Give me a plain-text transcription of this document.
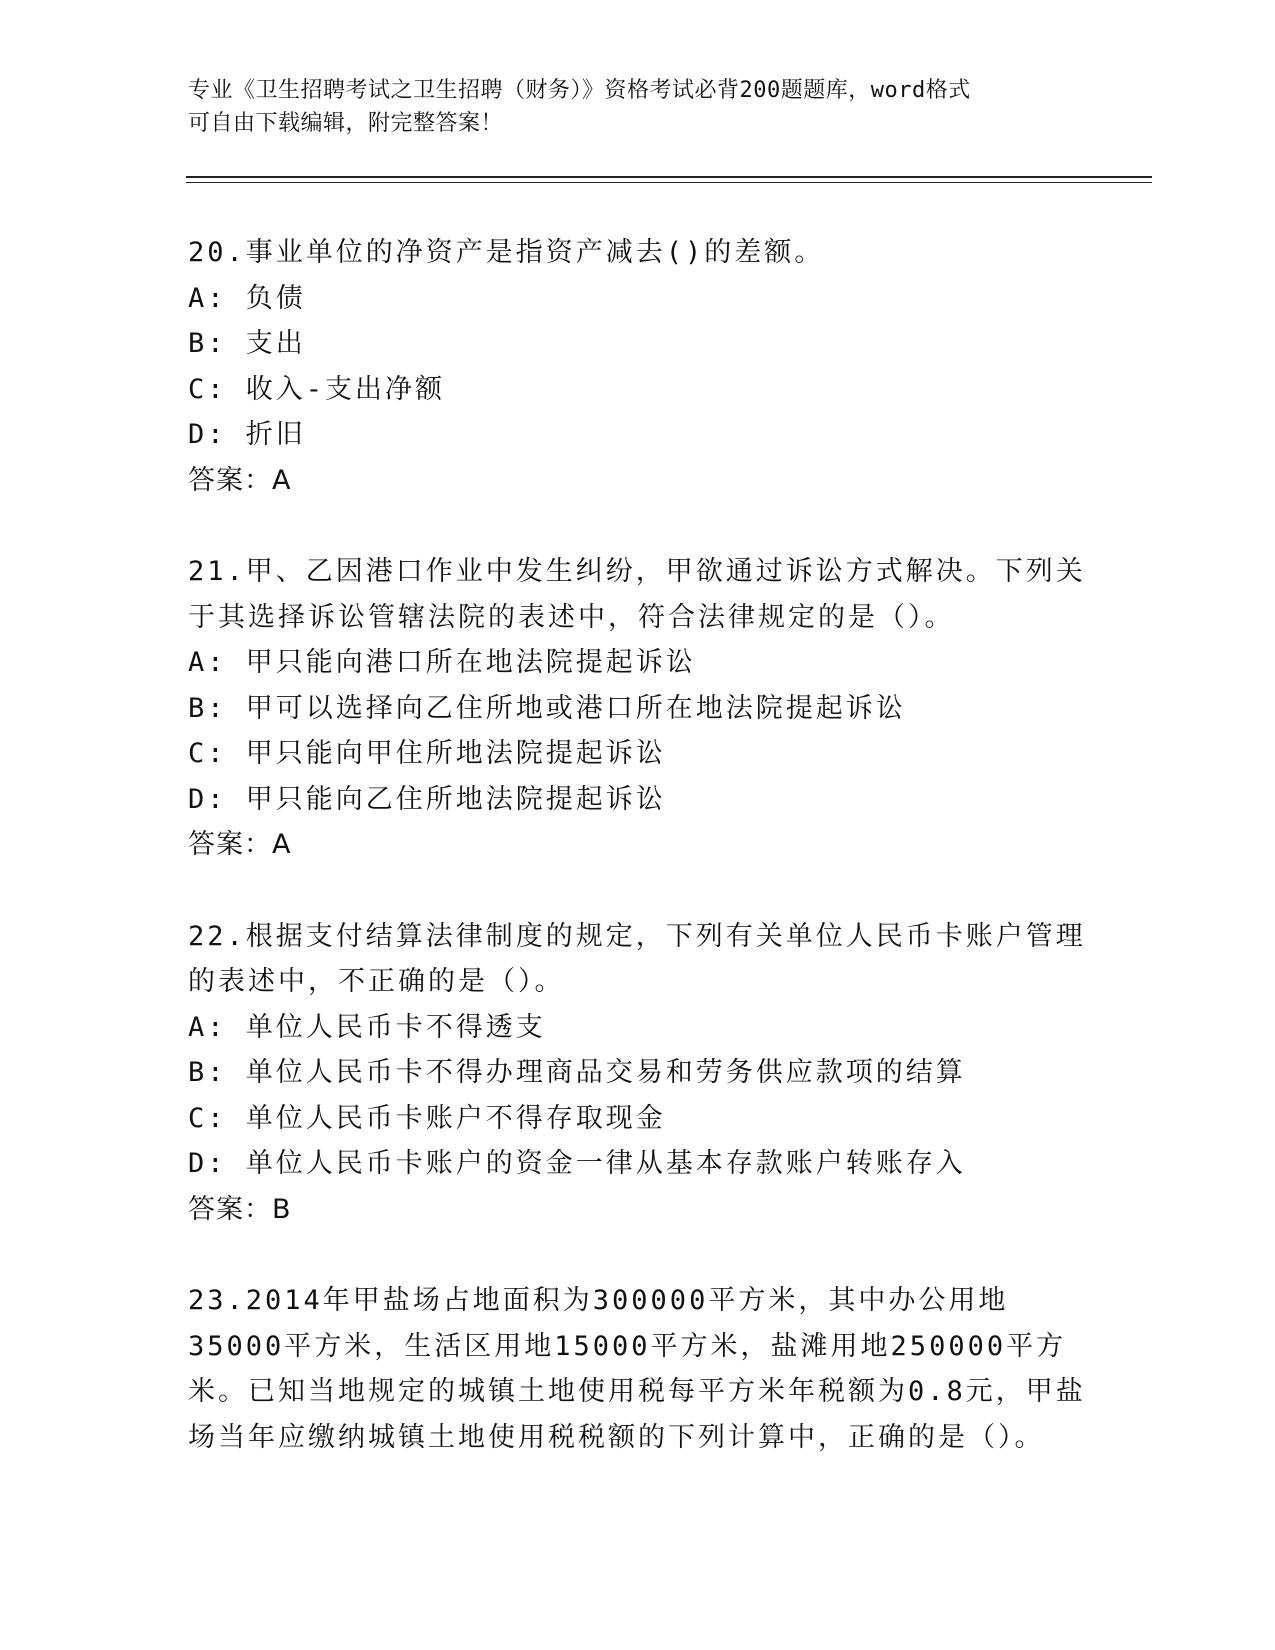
专业《卫生招聘考试之卫生招聘（财务）》资格考试必背200题题库，word格式
可自由下载编辑，附完整答案！
20.事业单位的净资产是指资产减去()的差额。
A: 负债
B: 支出
C: 收入-支出净额
D: 折旧
答案：A
21.甲、乙因港口作业中发生纠纷，甲欲通过诉讼方式解决。下列关于其选择诉讼管辖法院的表述中，符合法律规定的是（）。
A: 甲只能向港口所在地法院提起诉讼
B: 甲可以选择向乙住所地或港口所在地法院提起诉讼
C: 甲只能向甲住所地法院提起诉讼
D: 甲只能向乙住所地法院提起诉讼
答案：A
22.根据支付结算法律制度的规定，下列有关单位人民币卡账户管理的表述中，不正确的是（）。
A: 单位人民币卡不得透支
B: 单位人民币卡不得办理商品交易和劳务供应款项的结算
C: 单位人民币卡账户不得存取现金
D: 单位人民币卡账户的资金一律从基本存款账户转账存入
答案：B
23.2014年甲盐场占地面积为300000平方米，其中办公用地35000平方米，生活区用地15000平方米，盐滩用地250000平方米。已知当地规定的城镇土地使用税每平方米年税额为0.8元，甲盐场当年应缴纳城镇土地使用税税额的下列计算中，正确的是（）。
